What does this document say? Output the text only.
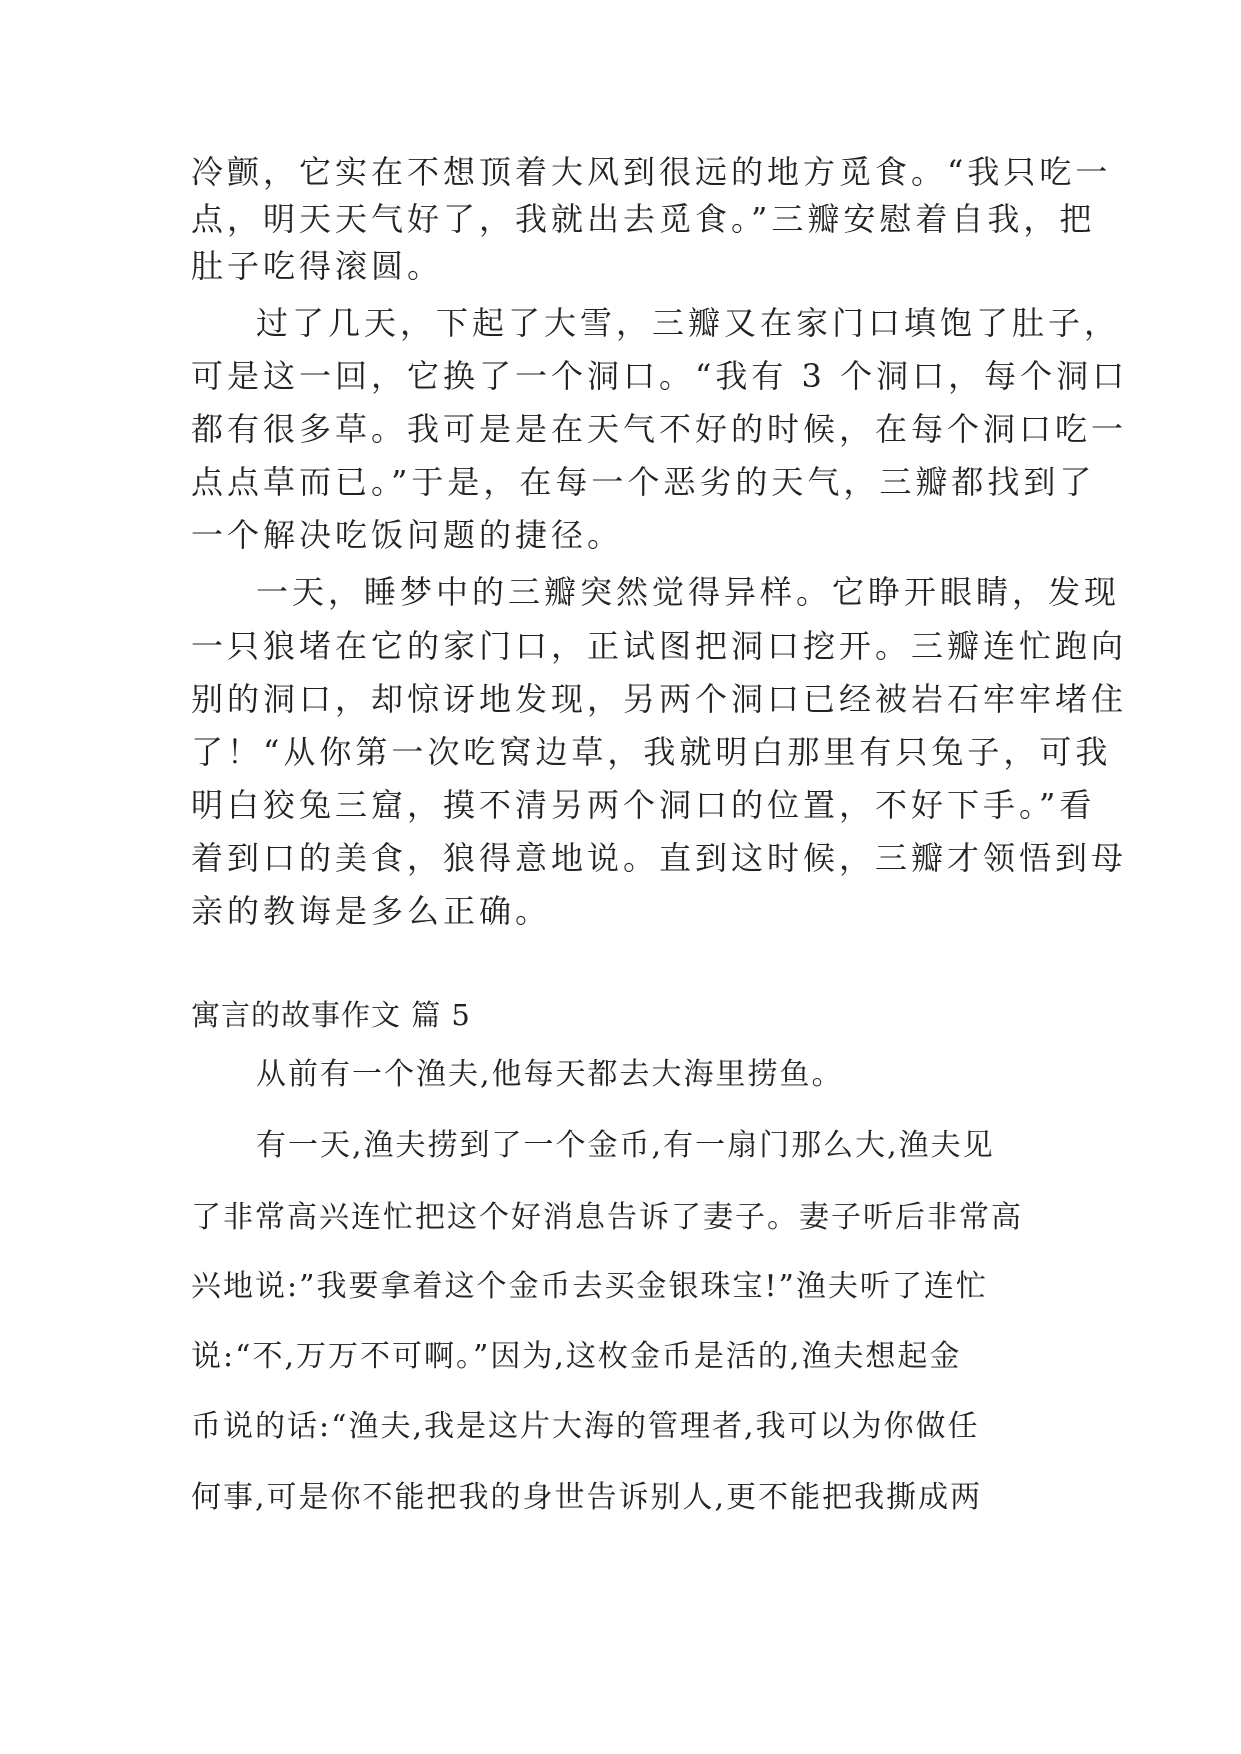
冷颤，它实在不想顶着大风到很远的地方觅食。“我只吃一
点，明天天气好了，我就出去觅食。”三瓣安慰着自我，把
肚子吃得滚圆。
过了几天，下起了大雪，三瓣又在家门口填饱了肚子，
可是这一回，它换了一个洞口。“我有 3 个洞口，每个洞口
都有很多草。我可是是在天气不好的时候，在每个洞口吃一
点点草而已。”于是，在每一个恶劣的天气，三瓣都找到了
一个解决吃饭问题的捷径。
一天，睡梦中的三瓣突然觉得异样。它睁开眼睛，发现
一只狼堵在它的家门口，正试图把洞口挖开。三瓣连忙跑向
别的洞口，却惊讶地发现，另两个洞口已经被岩石牢牢堵住
了！“从你第一次吃窝边草，我就明白那里有只兔子，可我
明白狡兔三窟，摸不清另两个洞口的位置，不好下手。”看
着到口的美食，狼得意地说。直到这时候，三瓣才领悟到母
亲的教诲是多么正确。
寓言的故事作文 篇 5
从前有一个渔夫,他每天都去大海里捞鱼。
有一天,渔夫捞到了一个金币,有一扇门那么大,渔夫见
了非常高兴连忙把这个好消息告诉了妻子。妻子听后非常高
兴地说:”我要拿着这个金币去买金银珠宝!”渔夫听了连忙
说:“不,万万不可啊。”因为,这枚金币是活的,渔夫想起金
币说的话:“渔夫,我是这片大海的管理者,我可以为你做任
何事,可是你不能把我的身世告诉别人,更不能把我撕成两
